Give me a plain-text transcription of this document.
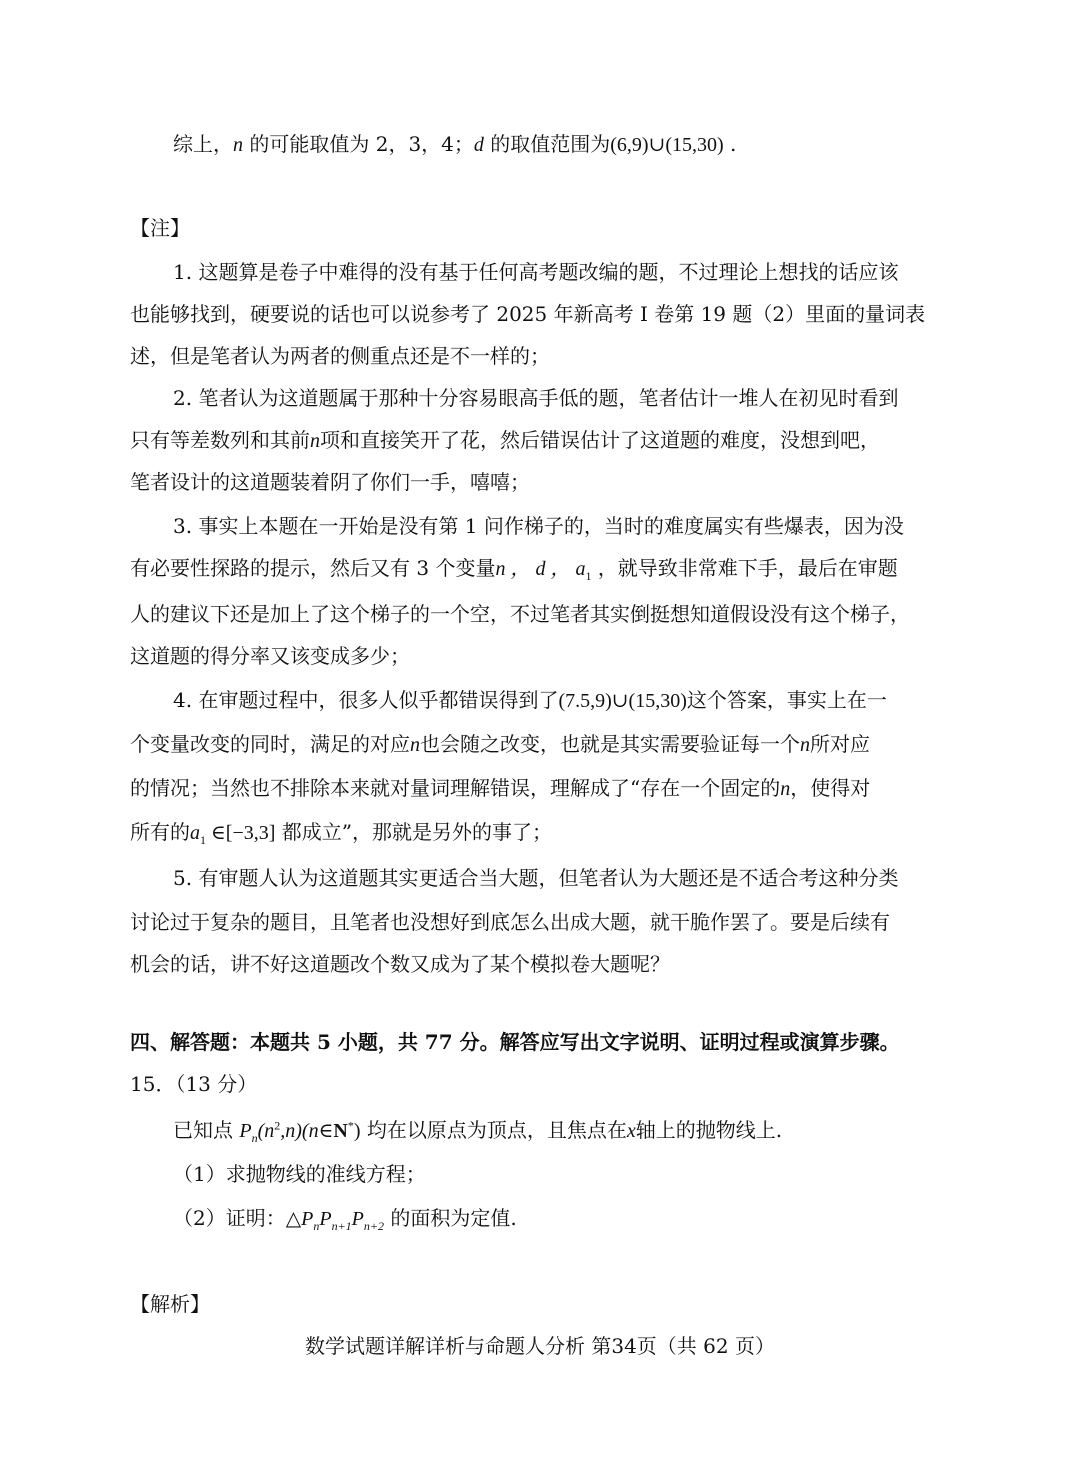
综上，n 的可能取值为 2，3，4；d 的取值范围为(6,9)∪(15,30) .
【注】
1. 这题算是卷子中难得的没有基于任何高考题改编的题，不过理论上想找的话应该
也能够找到，硬要说的话也可以说参考了 2025 年新高考 I 卷第 19 题（2）里面的量词表
述，但是笔者认为两者的侧重点还是不一样的；
2. 笔者认为这道题属于那种十分容易眼高手低的题，笔者估计一堆人在初见时看到
只有等差数列和其前n项和直接笑开了花，然后错误估计了这道题的难度，没想到吧，
笔者设计的这道题装着阴了你们一手，嘻嘻；
3. 事实上本题在一开始是没有第 1 问作梯子的，当时的难度属实有些爆表，因为没
有必要性探路的提示，然后又有 3 个变量n ， d ， $a_1$ ，就导致非常难下手，最后在审题
人的建议下还是加上了这个梯子的一个空，不过笔者其实倒挺想知道假设没有这个梯子，
这道题的得分率又该变成多少；
4. 在审题过程中，很多人似乎都错误得到了(7.5,9)∪(15,30)这个答案，事实上在一
个变量改变的同时，满足的对应n也会随之改变，也就是其实需要验证每一个n所对应
的情况；当然也不排除本来就对量词理解错误，理解成了“存在一个固定的n，使得对
所有的$a_1$ ∈[−3,3] 都成立”，那就是另外的事了；
5. 有审题人认为这道题其实更适合当大题，但笔者认为大题还是不适合考这种分类
讨论过于复杂的题目，且笔者也没想好到底怎么出成大题，就干脆作罢了。要是后续有
机会的话，讲不好这道题改个数又成为了某个模拟卷大题呢？
四、解答题：本题共 5 小题，共 77 分。解答应写出文字说明、证明过程或演算步骤。
15．（13 分）
已知点 $P_n(n^2,n)(n\in N^*)$ 均在以原点为顶点，且焦点在x轴上的抛物线上.
（1）求抛物线的准线方程；
（2）证明：$\triangle P_nP_{n+1}P_{n+2}$ 的面积为定值.
【解析】
数学试题详解详析与命题人分析 第34页（共 62 页）
